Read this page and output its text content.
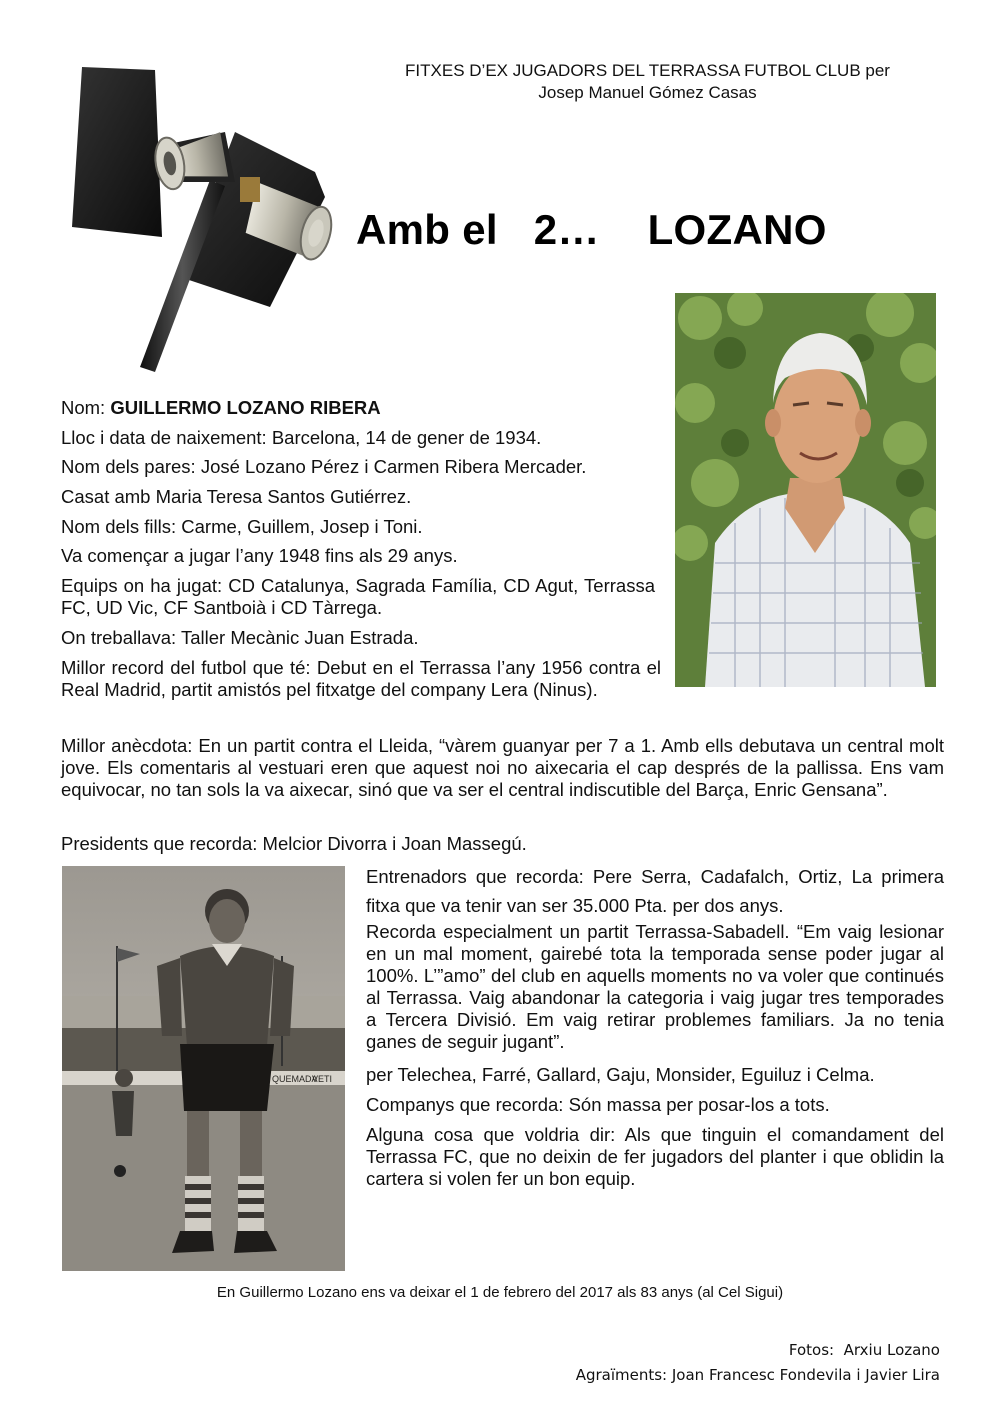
FITXES D’EX JUGADORS DEL TERRASSA FUTBOL CLUB per
Josep Manuel Gómez Casas
Amb el   2…    LOZANO
Nom: GUILLERMO LOZANO RIBERA
Lloc i data de naixement: Barcelona, 14 de gener de 1934.
Nom dels pares: José Lozano Pérez i Carmen Ribera Mercader.
Casat amb Maria Teresa Santos Gutiérrez.
Nom dels fills: Carme, Guillem, Josep i Toni.
Va començar a jugar l’any 1948 fins als 29 anys.
Equips on ha jugat: CD Catalunya, Sagrada Família, CD Agut, Terrassa FC, UD Vic, CF Santboià i CD Tàrrega.
On treballava: Taller Mecànic Juan Estrada.
Millor record del futbol que té: Debut en el Terrassa l’any 1956 contra el Real Madrid, partit amistós pel fitxatge del company Lera (Ninus).
Millor anècdota: En un partit contra el Lleida, “vàrem guanyar per 7 a 1. Amb ells debutava un central molt jove. Els comentaris al vestuari eren que aquest noi no aixecaria el cap després de la pallissa. Ens vam equivocar, no tan sols la va aixecar, sinó que va ser el central indiscutible del Barça, Enric Gensana”.
Presidents que recorda: Melcior Divorra i Joan Massegú.
QUEMADA
VETI
Entrenadors que recorda: Pere Serra, Cadafalch, Ortiz, La primera fitxa que va tenir van ser 35.000 Pta. per dos anys.
Recorda especialment un partit Terrassa-Sabadell. “Em vaig lesionar en un mal moment, gairebé tota la temporada sense poder jugar al 100%. L’”amo” del club en aquells moments no va voler que continués al Terrassa. Vaig abandonar la categoria i vaig jugar tres temporades a Tercera Divisió. Em vaig retirar problemes familiars. Ja no tenia ganes de seguir jugant”.
per Telechea, Farré, Gallard, Gaju, Monsider, Eguiluz i Celma.
Companys que recorda: Són massa per posar-los a tots.
Alguna cosa que voldria dir: Als que tinguin el comandament del Terrassa FC, que no deixin de fer jugadors del planter i que oblidin la cartera si volen fer un bon equip.
En Guillermo Lozano ens va deixar el 1 de febrero del 2017 als 83 anys (al Cel Sigui)
Fotos:  Arxiu Lozano
Agraïments: Joan Francesc Fondevila i Javier Lira
